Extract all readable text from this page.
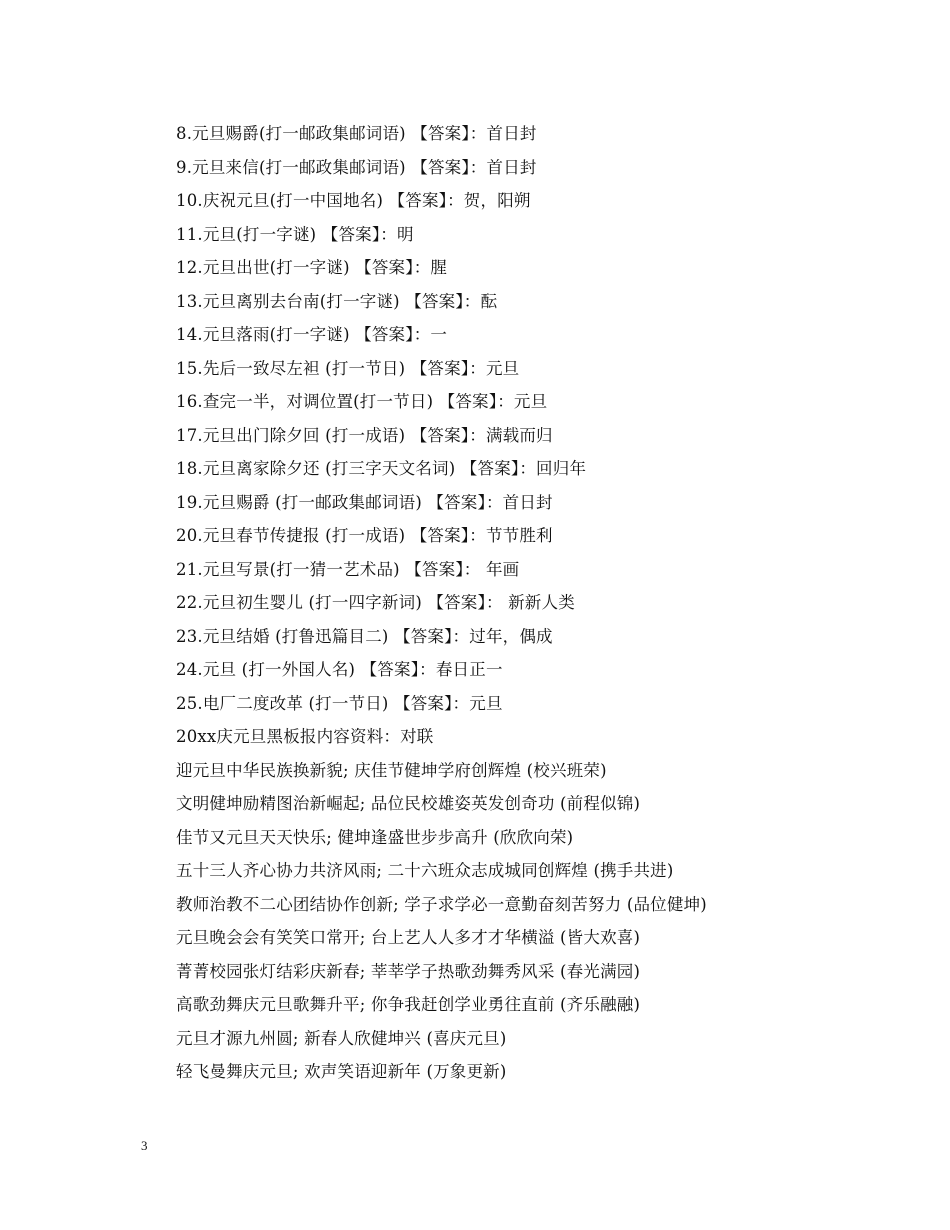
8.元旦赐爵(打一邮政集邮词语) 【答案】：首日封
9.元旦来信(打一邮政集邮词语) 【答案】：首日封
10.庆祝元旦(打一中国地名) 【答案】：贺，阳朔
11.元旦(打一字谜) 【答案】：明
12.元旦出世(打一字谜) 【答案】：腥
13.元旦离别去台南(打一字谜) 【答案】：酝
14.元旦落雨(打一字谜) 【答案】：一
15.先后一致尽左袒 (打一节日) 【答案】：元旦
16.查完一半，对调位置(打一节日) 【答案】：元旦
17.元旦出门除夕回 (打一成语) 【答案】：满载而归
18.元旦离家除夕还 (打三字天文名词) 【答案】：回归年
19.元旦赐爵 (打一邮政集邮词语) 【答案】：首日封
20.元旦春节传捷报 (打一成语) 【答案】：节节胜利
21.元旦写景(打一猜一艺术品) 【答案】： 年画
22.元旦初生婴儿 (打一四字新词) 【答案】： 新新人类
23.元旦结婚 (打鲁迅篇目二) 【答案】：过年，偶成
24.元旦 (打一外国人名) 【答案】：春日正一
25.电厂二度改革 (打一节日) 【答案】：元旦
20xx庆元旦黑板报内容资料：对联
迎元旦中华民族换新貌; 庆佳节健坤学府创辉煌 (校兴班荣)
文明健坤励精图治新崛起; 品位民校雄姿英发创奇功 (前程似锦)
佳节又元旦天天快乐; 健坤逢盛世步步高升 (欣欣向荣)
五十三人齐心协力共济风雨; 二十六班众志成城同创辉煌 (携手共进)
教师治教不二心团结协作创新; 学子求学必一意勤奋刻苦努力 (品位健坤)
元旦晚会会有笑笑口常开; 台上艺人人多才才华横溢 (皆大欢喜)
菁菁校园张灯结彩庆新春; 莘莘学子热歌劲舞秀风采 (春光满园)
高歌劲舞庆元旦歌舞升平; 你争我赶创学业勇往直前 (齐乐融融)
元旦才源九州圆; 新春人欣健坤兴 (喜庆元旦)
轻飞曼舞庆元旦; 欢声笑语迎新年 (万象更新)
3
